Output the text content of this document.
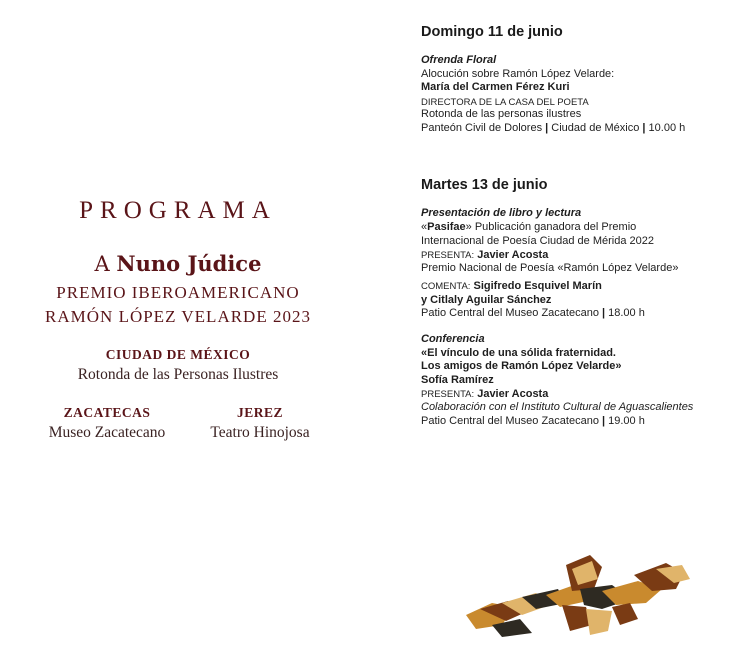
PROGRAMA
A Nuno Júdice
PREMIO IBEROAMERICANO
RAMÓN LÓPEZ VELARDE 2023
CIUDAD DE MÉXICO
Rotonda de las Personas Ilustres
ZACATECAS
Museo Zacatecano
JEREZ
Teatro Hinojosa
Domingo 11 de junio
Ofrenda Floral
Alocución sobre Ramón López Velarde:
María del Carmen Férez Kuri
DIRECTORA DE LA CASA DEL POETA
Rotonda de las personas ilustres
Panteón Civil de Dolores | Ciudad de México | 10.00 h
Martes 13 de junio
Presentación de libro y lectura
«Pasifae» Publicación ganadora del Premio
Internacional de Poesía Ciudad de Mérida 2022
PRESENTA: Javier Acosta
Premio Nacional de Poesía «Ramón López Velarde»
COMENTA: Sigifredo Esquivel Marín
y Citlaly Aguilar Sánchez
Patio Central del Museo Zacatecano | 18.00 h
Conferencia
«El vínculo de una sólida fraternidad.
Los amigos de Ramón López Velarde»
Sofía Ramírez
PRESENTA: Javier Acosta
Colaboración con el Instituto Cultural de Aguascalientes
Patio Central del Museo Zacatecano | 19.00 h
